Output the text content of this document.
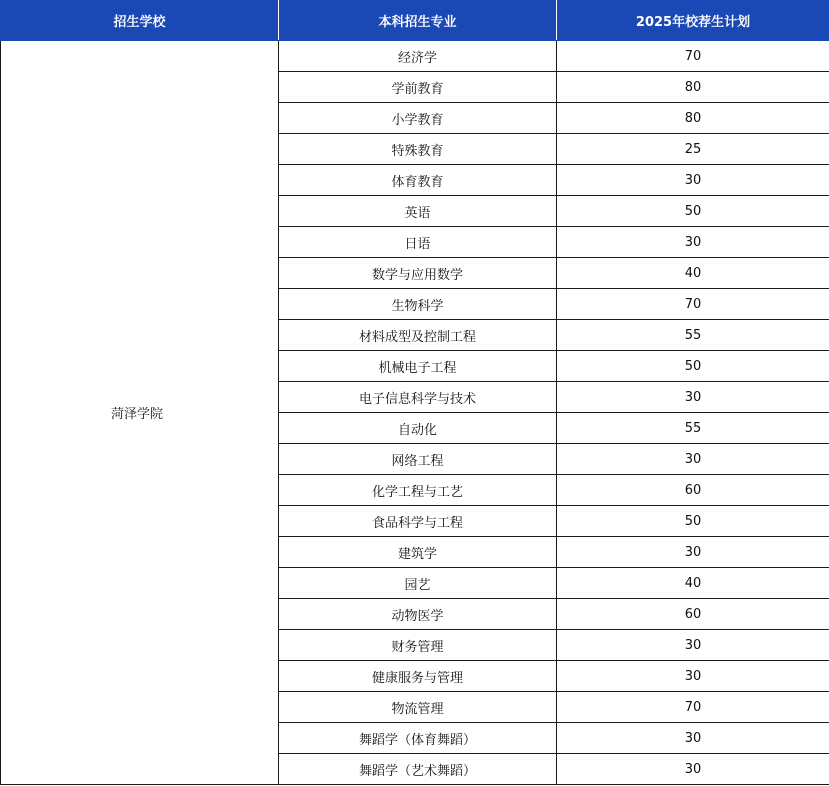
招生学校	本科招生专业	2025年校荐生计划
菏泽学院	经济学	70
	学前教育	80
	小学教育	80
	特殊教育	25
	体育教育	30
	英语	50
	日语	30
	数学与应用数学	40
	生物科学	70
	材料成型及控制工程	55
	机械电子工程	50
	电子信息科学与技术	30
	自动化	55
	网络工程	30
	化学工程与工艺	60
	食品科学与工程	50
	建筑学	30
	园艺	40
	动物医学	60
	财务管理	30
	健康服务与管理	30
	物流管理	70
	舞蹈学（体育舞蹈）	30
	舞蹈学（艺术舞蹈）	30
